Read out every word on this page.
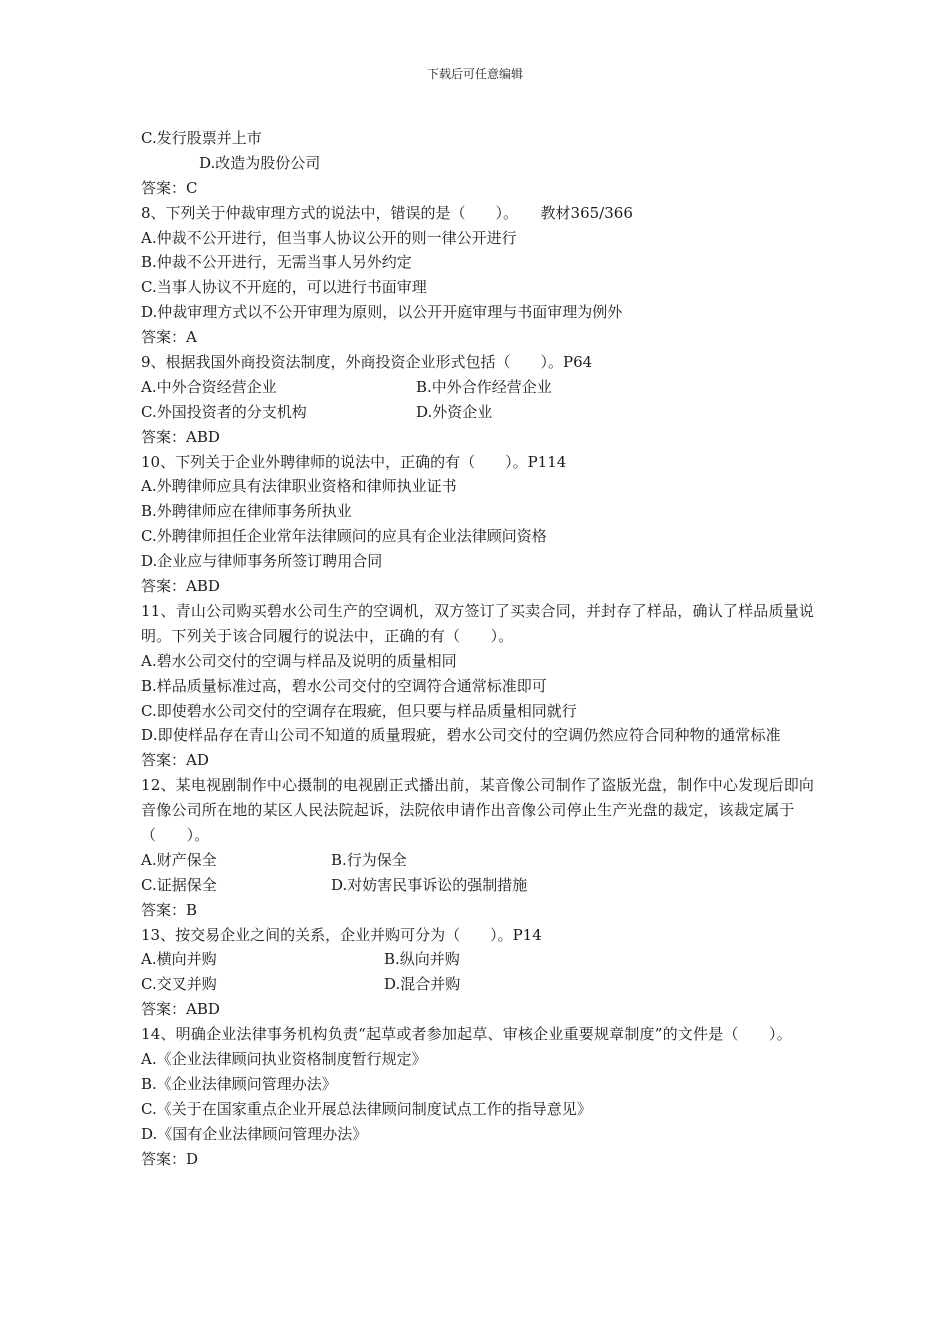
下载后可任意编辑
C.发行股票并上市
D.改造为股份公司
答案：C
8、下列关于仲裁审理方式的说法中，错误的是（　　）。　　教材365/366
A.仲裁不公开进行，但当事人协议公开的则一律公开进行
B.仲裁不公开进行，无需当事人另外约定
C.当事人协议不开庭的，可以进行书面审理
D.仲裁审理方式以不公开审理为原则，以公开开庭审理与书面审理为例外
答案：A
9、根据我国外商投资法制度，外商投资企业形式包括（　　）。P64
A.中外合资经营企业	B.中外合作经营企业
C.外国投资者的分支机构	D.外资企业
答案：ABD
10、下列关于企业外聘律师的说法中，正确的有（　　）。P114
A.外聘律师应具有法律职业资格和律师执业证书
B.外聘律师应在律师事务所执业
C.外聘律师担任企业常年法律顾问的应具有企业法律顾问资格
D.企业应与律师事务所签订聘用合同
答案：ABD
11、青山公司购买碧水公司生产的空调机，双方签订了买卖合同，并封存了样品，确认了样品质量说明。下列关于该合同履行的说法中，正确的有（　　）。
A.碧水公司交付的空调与样品及说明的质量相同
B.样品质量标准过高，碧水公司交付的空调符合通常标准即可
C.即使碧水公司交付的空调存在瑕疵，但只要与样品质量相同就行
D.即使样品存在青山公司不知道的质量瑕疵，碧水公司交付的空调仍然应符合同种物的通常标准
答案：AD
12、某电视剧制作中心摄制的电视剧正式播出前，某音像公司制作了盗版光盘，制作中心发现后即向音像公司所在地的某区人民法院起诉，法院依申请作出音像公司停止生产光盘的裁定，该裁定属于（　　）。
A.财产保全	B.行为保全
C.证据保全	D.对妨害民事诉讼的强制措施
答案：B
13、按交易企业之间的关系，企业并购可分为（　　）。P14
A.横向并购	B.纵向并购
C.交叉并购	D.混合并购
答案：ABD
14、明确企业法律事务机构负责“起草或者参加起草、审核企业重要规章制度”的文件是（　　）。
A.《企业法律顾问执业资格制度暂行规定》
B.《企业法律顾问管理办法》
C.《关于在国家重点企业开展总法律顾问制度试点工作的指导意见》
D.《国有企业法律顾问管理办法》
答案：D
